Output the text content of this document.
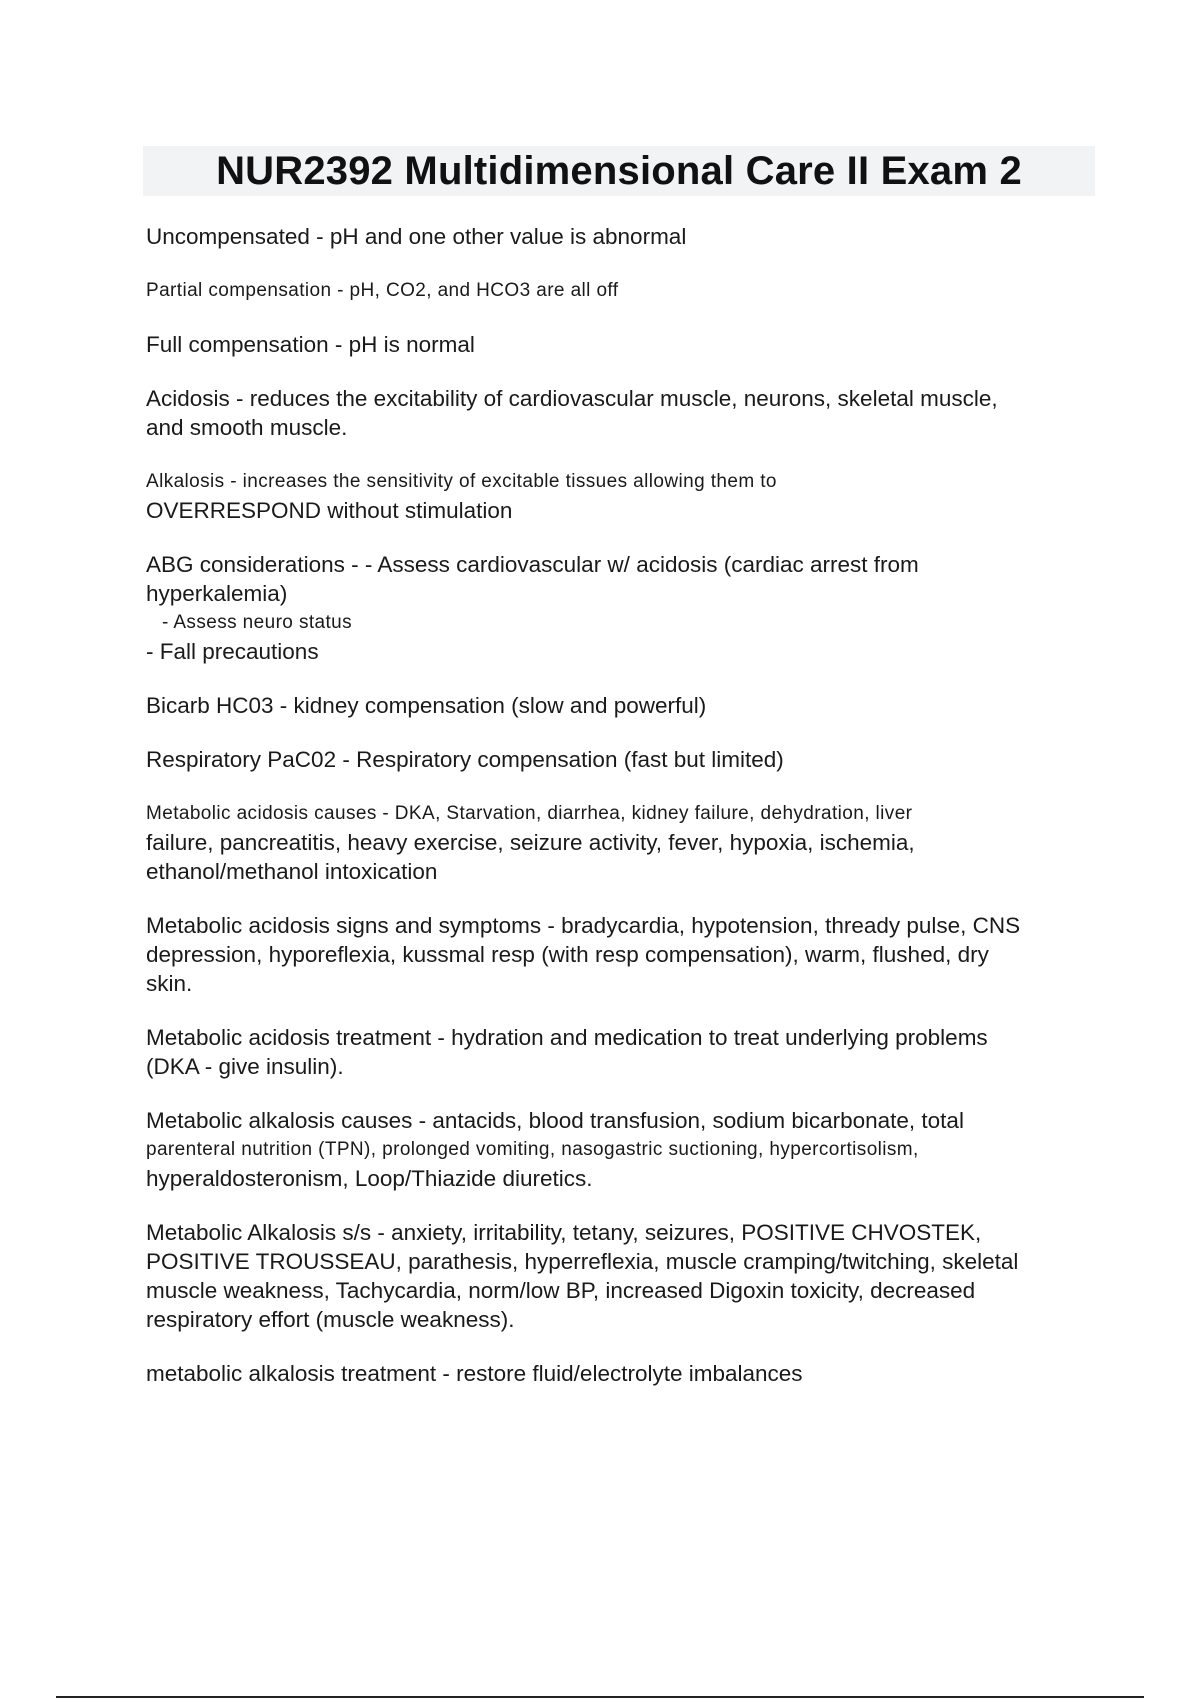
NUR2392 Multidimensional Care II Exam 2

Uncompensated - pH and one other value is abnormal

Partial compensation - pH, CO2, and HCO3 are all off

Full compensation - pH is normal

Acidosis - reduces the excitability of cardiovascular muscle, neurons, skeletal muscle,
and smooth muscle.

Alkalosis - increases the sensitivity of excitable tissues allowing them to
OVERRESPOND without stimulation

ABG considerations - - Assess cardiovascular w/ acidosis (cardiac arrest from
hyperkalemia)
- Assess neuro status
- Fall precautions

Bicarb HC03 - kidney compensation (slow and powerful)

Respiratory PaC02 - Respiratory compensation (fast but limited)

Metabolic acidosis causes - DKA, Starvation, diarrhea, kidney failure, dehydration, liver
failure, pancreatitis, heavy exercise, seizure activity, fever, hypoxia, ischemia,
ethanol/methanol intoxication

Metabolic acidosis signs and symptoms - bradycardia, hypotension, thready pulse, CNS
depression, hyporeflexia, kussmal resp (with resp compensation), warm, flushed, dry
skin.

Metabolic acidosis treatment - hydration and medication to treat underlying problems
(DKA - give insulin).

Metabolic alkalosis causes - antacids, blood transfusion, sodium bicarbonate, total
parenteral nutrition (TPN), prolonged vomiting, nasogastric suctioning, hypercortisolism,
hyperaldosteronism, Loop/Thiazide diuretics.

Metabolic Alkalosis s/s - anxiety, irritability, tetany, seizures, POSITIVE CHVOSTEK,
POSITIVE TROUSSEAU, parathesis, hyperreflexia, muscle cramping/twitching, skeletal
muscle weakness, Tachycardia, norm/low BP, increased Digoxin toxicity, decreased
respiratory effort (muscle weakness).

metabolic alkalosis treatment - restore fluid/electrolyte imbalances
